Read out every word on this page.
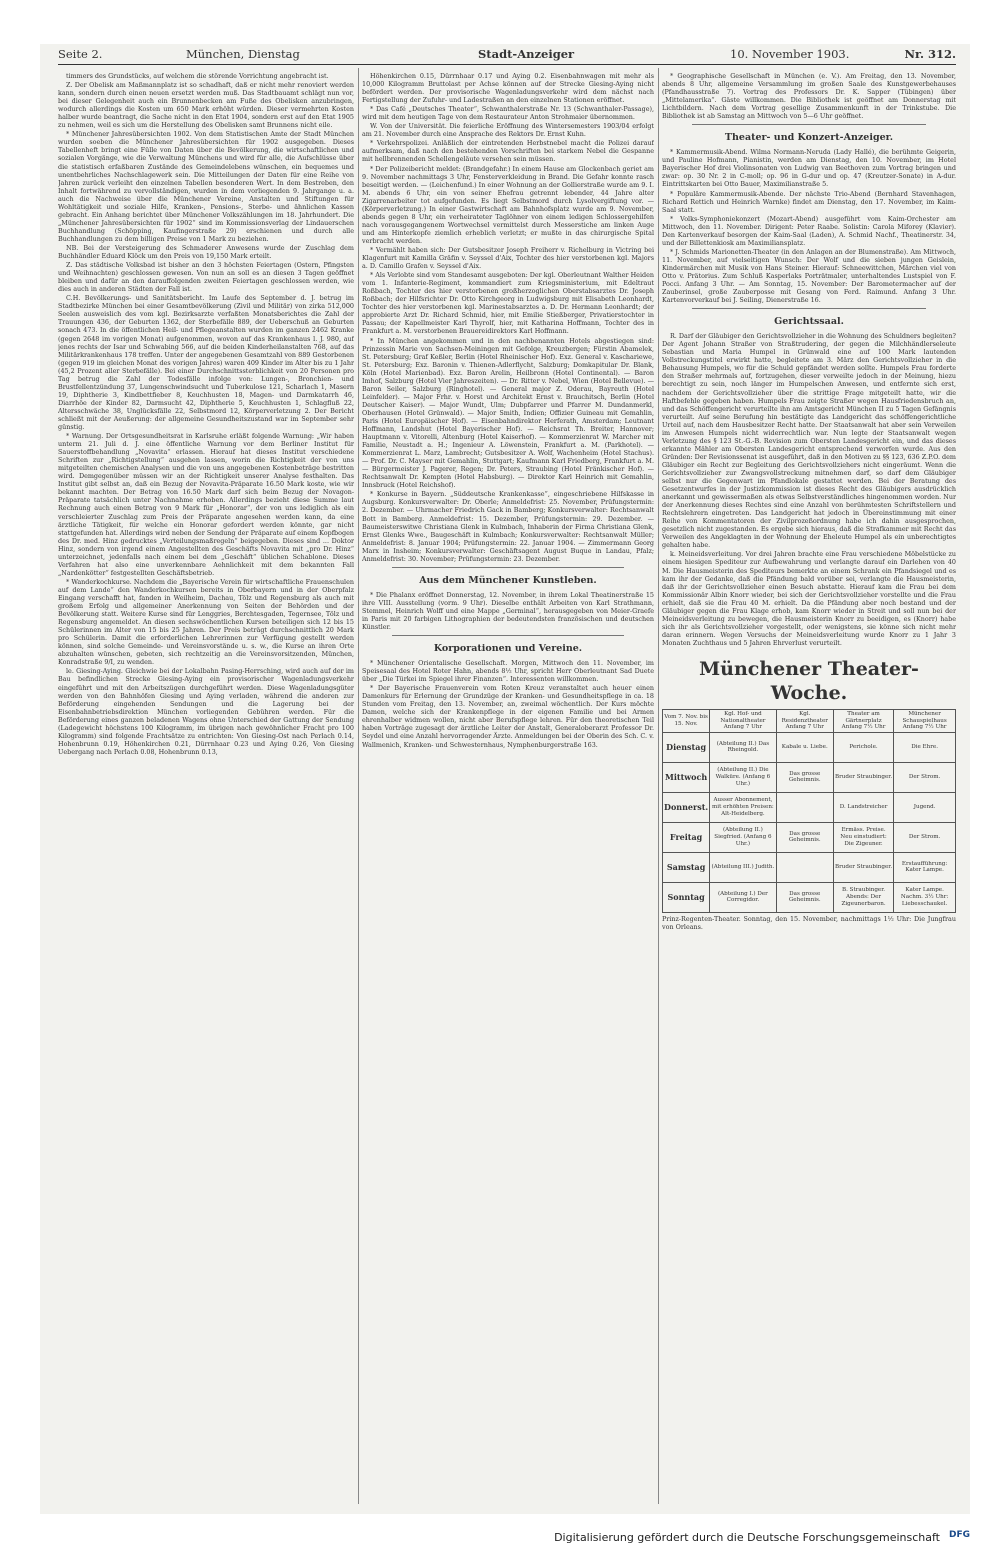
Seite 2.	München, Dienstag	Stadt-Anzeiger	10. November 1903.	Nr. 312.

timmers des Grundstücks, auf welchem die störende Vorrichtung angebracht ist.

Z. Der Obelisk am Maßmannplatz ist so schadhaft, daß er nicht mehr renoviert werden kann, sondern durch einen neuen ersetzt werden muß. Das Stadtbauamt schlägt nun vor, bei dieser Gelegenheit auch ein Brunnenbecken am Fuße des Obelisken anzubringen, wodurch allerdings die Kosten um 650 Mark erhöht würden. Dieser vermehrten Kosten halber wurde beantragt, die Sache nicht in den Etat 1904, sondern erst auf den Etat 1905 zu nehmen, weil es sich um die Herstellung des Obelisken samt Brunnens nicht eile.

* Münchener Jahresübersichten 1902. Von dem Statistischen Amte der Stadt München wurden soeben die Münchener Jahresübersichten für 1902 ausgegeben. Dieses Tabellenheft bringt eine Fülle von Daten über die Bevölkerung, die wirtschaftlichen und sozialen Vorgänge, wie die Verwaltung Münchens und wird für alle, die Aufschlüsse über die statistisch erfaßbaren Zustände des Gemeindelebens wünschen, ein bequemes und unentbehrliches Nachschlagewerk sein. Die Mitteilungen der Daten für eine Reihe von Jahren zurück verleiht den einzelnen Tabellen besonderen Wert. In dem Bestreben, den Inhalt fortwährend zu vervollständigen, wurden in dem vorliegenden 9. Jahrgange u. a. auch die Nachweise über die Münchener Vereine, Anstalten und Stiftungen für Wohltätigkeit und soziale Hilfe, Kranken-, Pensions-, Sterbe- und ähnlichen Kassen gebracht. Ein Anhang berichtet über Münchener Volkszählungen im 18. Jahrhundert. Die „Münchener Jahresübersichten für 1902“ sind im Kommissionsverlag der Lindauerschen Buchhandlung (Schöpping, Kaufingerstraße 29) erschienen und durch alle Buchhandlungen zu dem billigen Preise von 1 Mark zu beziehen.

NB. Bei der Versteigerung des Schmaderer Anwesens wurde der Zuschlag dem Buchhändler Eduard Klöck um den Preis von 19,150 Mark erteilt.

Z. Das städtische Volksbad ist bisher an den 3 höchsten Feiertagen (Ostern, Pfingsten und Weihnachten) geschlossen gewesen. Von nun an soll es an diesen 3 Tagen geöffnet bleiben und dafür an den darauffolgenden zweiten Feiertagen geschlossen werden, wie dies auch in anderen Städten der Fall ist.

C.H. Bevölkerungs- und Sanitätsbericht. Im Laufe des September d. J. betrug im Stadtbezirke München bei einer Gesamtbevölkerung (Zivil und Militär) von zirka 512,000 Seelen ausweislich des vom kgl. Bezirksarzte verfaßten Monatsberichtes die Zahl der Trauungen 436, der Geburten 1362, der Sterbefälle 889, der Ueberschuß an Geburten sonach 473. In die öffentlichen Heil- und Pflegeanstalten wurden im ganzen 2462 Kranke (gegen 2648 im vorigen Monat) aufgenommen, wovon auf das Krankenhaus l. J. 980, auf jenes rechts der Isar und Schwabing 566, auf die beiden Kinderheilanstalten 768, auf das Militärkrankenhaus 178 treffen. Unter der angegebenen Gesamtzahl von 889 Gestorbenen (gegen 919 im gleichen Monat des vorigen Jahres) waren 409 Kinder im Alter bis zu 1 Jahr (45,2 Prozent aller Sterbefälle). Bei einer Durchschnittssterblichkeit von 20 Personen pro Tag betrug die Zahl der Todesfälle infolge von: Lungen-, Bronchien- und Brustfellentzündung 37, Lungenschwindsucht und Tuberkulose 121, Scharlach 1, Masern 19, Diphtherie 3, Kindbettfieber 8, Keuchhusten 18, Magen- und Darmkatarrh 46, Diarrhöe der Kinder 82, Darmsucht 42, Diphtherie 5, Keuchhusten 1, Schlagfluß 22, Altersschwäche 38, Unglücksfälle 22, Selbstmord 12, Körperverletzung 2. Der Bericht schließt mit der Aeußerung: der allgemeine Gesundheitszustand war im September sehr günstig.

* Warnung. Der Ortsgesundheitsrat in Karlsruhe erläßt folgende Warnung: „Wir haben unterm 21. Juli d. J. eine öffentliche Warnung vor dem Berliner Institut für Sauerstoffbehandlung „Novavita“ erlassen. Hierauf hat dieses Institut verschiedene Schriften zur „Richtigstellung“ ausgehen lassen, worin die Richtigkeit der von uns mitgeteilten chemischen Analysen und die von uns angegebenen Kostenbeträge bestritten wird. Demgegenüber müssen wir an der Richtigkeit unserer Analyse festhalten. Das Institut gibt selbst an, daß ein Bezug der Novavita-Präparate 16.50 Mark koste, wie wir bekannt machten. Der Betrag von 16.50 Mark darf sich beim Bezug der Novagon-Präparate tatsächlich unter Nachnahme erhoben. Allerdings bezieht diese Summe laut Rechnung auch einen Betrag von 9 Mark für „Honorar“, der von uns lediglich als ein verschleierter Zuschlag zum Preis der Präparate angesehen werden kann, da eine ärztliche Tätigkeit, für welche ein Honorar gefordert werden könnte, gar nicht stattgefunden hat. Allerdings wird neben der Sendung der Präparate auf einem Kopfbogen des Dr. med. Hinz gedrucktes „Verteilungsmaßregeln“ beigegeben. Dieses sind ... Doktor Hinz, sondern von irgend einem Angestellten des Geschäfts Novavita mit „pro Dr. Hinz“ unterzeichnet, jedenfalls nach einem bei dem „Geschäft“ üblichen Schablone. Dieses Verfahren hat also eine unverkennbare Aehnlichkeit mit dem bekannten Fall „Nardenkötter“ festgestellten Geschäftsbetrieb.

* Wanderkochkurse. Nachdem die „Bayerische Verein für wirtschaftliche Frauenschulen auf dem Lande“ den Wanderkochkursen bereits in Oberbayern und in der Oberpfalz Eingang verschafft hat, fanden in Weilheim, Dachau, Tölz und Regensburg als auch mit großem Erfolg und allgemeiner Anerkennung von Seiten der Behörden und der Bevölkerung statt. Weitere Kurse sind für Lenggries, Berchtesgaden, Tegernsee, Tölz und Regensburg angemeldet. An diesen sechswöchentlichen Kursen beteiligen sich 12 bis 15 Schülerinnen im Alter von 15 bis 25 Jahren. Der Preis beträgt durchschnittlich 20 Mark pro Schülerin. Damit die erforderlichen Lehrerinnen zur Verfügung gestellt werden können, sind solche Gemeinde- und Vereinsvorstände u. s. w., die Kurse an ihren Orte abzuhalten wünschen, gebeten, sich rechtzeitig an die Vereinsvorsitzenden, München, Konradstraße 9/I, zu wenden.

le. Giesing-Aying. Gleichwie bei der Lokalbahn Pasing-Herrsching, wird auch auf der im Bau befindlichen Strecke Giesing-Aying ein provisorischer Wagenladungsverkehr eingeführt und mit den Arbeitszügen durchgeführt werden. Diese Wagenladungsgüter werden von den Bahnhöfen Giesing und Aying verladen, während die anderen zur Beförderung eingehenden Sendungen und die Lagerung bei der Eisenbahnbetriebsdirektion München vorliegenden Gebühren werden. Für die Beförderung eines ganzen beladenen Wagens ohne Unterschied der Gattung der Sendung (Ladegewicht höchstens 100 Kilogramm, im übrigen nach gewöhnlicher Fracht pro 100 Kilogramm) sind folgende Frachtsätze zu entrichten: Von Giesing-Ost nach Perlach 0.14, Hohenbrunn 0.19, Höhenkirchen 0.21, Dürrnhaar 0.23 und Aying 0.26, Von Giesing Uebergang nach Perlach 0.08, Hohenbrunn 0.13,

Höhenkirchen 0.15, Dürrnhaar 0.17 und Aying 0.2. Eisenbahnwagen mit mehr als 10,000 Kilogramm Bruttolast per Achse können auf der Strecke Giesing-Aying nicht befördert werden. Der provisorische Wagenladungsverkehr wird dem nächst nach Fertigstellung der Zufuhr- und Ladestraßen an den einzelnen Stationen eröffnet.

* Das Café „Deutsches Theater“, Schwanthalerstraße Nr. 13 (Schwanthaler-Passage), wird mit dem heutigen Tage von dem Restaurateur Anton Strohmaier übernommen.

W. Von der Universität. Die feierliche Eröffnung des Wintersemesters 1903/04 erfolgt am 21. November durch eine Ansprache des Rektors Dr. Ernst Kuhn.

* Verkehrspolizei. Anläßlich der eintretenden Herbstnebel macht die Polizei darauf aufmerksam, daß nach den bestehenden Vorschriften bei starkem Nebel die Gespanne mit hellbrennenden Schellengeläute versehen sein müssen.

* Der Polizeibericht meldet: (Brandgefahr.) In einem Hause am Glockenbach geriet am 9. November nachmittags 3 Uhr, Fensterverkleidung in Brand. Die Gefahr konnte rasch beseitigt werden. — (Leichenfund.) In einer Wohnung an der Gollierstraße wurde am 9. I. M. abends 6 Uhr, ein von seiner Ehefrau getrennt lebender, 44 Jahre alter Zigarrenarbeiter tot aufgefunden. Es liegt Selbstmord durch Lysolvergiftung vor. — (Körperverletzung.) In einer Gastwirtschaft am Bahnhofsplatz wurde am 9. November, abends gegen 8 Uhr, ein verheirateter Taglöhner von einem ledigen Schlossergehilfen nach vorausgegangenem Wortwechsel vermittelst durch Messerstiche am linken Auge und am Hinterkopfe ziemlich erheblich verletzt; er mußte in das chirurgische Spital verbracht werden.

* Vermählt haben sich: Der Gutsbesitzer Joseph Freiherr v. Richelburg in Victring bei Klagenfurt mit Kamilla Gräfin v. Seyssel d'Aix, Tochter des hier verstorbenen kgl. Majors a. D. Camillo Grafen v. Seyssel d'Aix.

* Als Verlobte sind vom Standesamt ausgeboten: Der kgl. Oberleutnant Walther Heiden vom 1. Infanterie-Regiment, kommandiert zum Kriegsministerium, mit Edeltraut Roßbach, Tochter des hier verstorbenen großherzoglichen Oberstabsarztes Dr. Joseph Roßbach; der Hilfsrichter Dr. Otto Kirchgeorg in Ludwigsburg mit Elisabeth Leonhardt, Tochter des hier verstorbenen kgl. Marinestabsarztes a. D. Dr. Hermann Leonhardt; der approbierte Arzt Dr. Richard Schmid, hier, mit Emilie Stießberger, Privatierstochter in Passau; der Kapellmeister Karl Thyrolf, hier, mit Katharina Hoffmann, Tochter des in Frankfurt a. M. verstorbenen Brauereidirektors Karl Hoffmann.

* In München angekommen und in den nachbenannten Hotels abgestiegen sind: Prinzessin Marie von Sachsen-Meiningen mit Gefolge, Kreuzbergen; Fürstin Abamelek, St. Petersburg; Graf Keßler, Berlin (Hotel Rheinischer Hof). Exz. General v. Kaschariewe, St. Petersburg; Exz. Baronin v. Thienen-Adlerflycht, Salzburg; Domkapitular Dr. Blank, Köln (Hotel Marienbad). Exz. Baron Arelin, Heilbronn (Hotel Continental). — Baron Imhof, Salzburg (Hotel Vier Jahreszeiten). — Dr. Ritter v. Nebel, Wien (Hotel Bellevue). — Baron Seiler, Salzburg (Ringhotel). — General major Z. Oderau, Bayreuth (Hotel Leinfelder). — Major Frhr. v. Horst und Architekt Ernst v. Brauchitsch, Berlin (Hotel Deutscher Kaiser). — Major Wundt, Ulm; Dubpfarrer und Pfarrer M. Dundanmerkl, Oberhausen (Hotel Grünwald). — Major Smith, Indien; Offizier Guineau mit Gemahlin, Paris (Hotel Europäischer Hof). — Eisenbahndirektor Herferath, Amsterdam; Leutnant Hoffmann, Landshut (Hotel Bayerischer Hof). — Reichsrat Th. Breiter, Hannover; Hauptmann v. Vitorelli, Altenburg (Hotel Kaiserhof). — Kommerzienrat W. Marcher mit Familie, Neustadt a. H.; Ingenieur A. Löwenstein, Frankfurt a. M. (Parkhotel). — Kommerzienrat L. Marz, Lambrecht; Gutsbesitzer A. Wolf, Wachenheim (Hotel Stachus). — Prof. Dr. C. Mayser mit Gemahlin, Stuttgart; Kaufmann Karl Friedberg, Frankfurt a. M. — Bürgermeister J. Pagerer, Regen; Dr. Peters, Straubing (Hotel Fränkischer Hof). — Rechtsanwalt Dr. Kempten (Hotel Habsburg). — Direktor Karl Heinrich mit Gemahlin, Innsbruck (Hotel Reichshof).

* Konkurse in Bayern. „Süddeutsche Krankenkasse“, eingeschriebene Hilfskasse in Augsburg. Konkursverwalter: Dr. Oberle; Anmeldefrist: 25. November, Prüfungstermin: 2. Dezember. — Uhrmacher Friedrich Gack in Bamberg; Konkursverwalter: Rechtsanwalt Bott in Bamberg. Anmeldefrist: 15. Dezember, Prüfungstermin: 29. Dezember. — Baumeisterswitwe Christiana Glenk in Kulmbach, Inhaberin der Firma Christiana Glenk, Ernst Glenks Wwe., Baugeschäft in Kulmbach; Konkursverwalter: Rechtsanwalt Müller; Anmeldefrist: 8. Januar 1904; Prüfungstermin: 22. Januar 1904. — Zimmermann Georg Marx in Insheim; Konkursverwalter: Geschäftsagent August Buque in Landau, Pfalz; Anmeldefrist: 30. November; Prüfungstermin: 23. Dezember.

Aus dem Münchener Kunstleben.

* Die Phalanx eröffnet Donnerstag, 12. November, in ihrem Lokal Theatinerstraße 15 ihre VIII. Ausstellung (vorm. 9 Uhr). Dieselbe enthält Arbeiten von Karl Strathmann, Stemmel, Heinrich Wolff und eine Mappe „Germinal“, herausgegeben von Meier-Graefe in Paris mit 20 farbigen Lithographien der bedeutendsten französischen und deutschen Künstler.

Korporationen und Vereine.

* Münchener Orientalische Gesellschaft. Morgen, Mittwoch den 11. November, im Speisesaal des Hotel Roter Hahn, abends 8½ Uhr, spricht Herr Oberleutnant Sad Duete über „Die Türkei im Spiegel ihrer Finanzen“. Interessenten willkommen.

* Der Bayerische Frauenverein vom Roten Kreuz veranstaltet auch heuer einen Damenkurs für Erlernung der Grundzüge der Kranken- und Gesundheitspflege in ca. 18 Stunden vom Freitag, den 13. November, an, zweimal wöchentlich. Der Kurs möchte Damen, welche sich der Krankenpflege in der eigenen Familie und bei Armen ehrenhalber widmen wollen, nicht aber Berufspflege lehren. Für den theoretischen Teil haben Vorträge zugesagt der ärztliche Leiter der Anstalt, Generaloberarzt Professor Dr. Seydel und eine Anzahl hervorragender Ärzte. Anmeldungen bei der Oberin des Sch. C. v. Wallmenich, Kranken- und Schwesternhaus, Nymphenburgerstraße 163.

* Geographische Gesellschaft in München (e. V.). Am Freitag, den 13. November, abends 8 Uhr, allgemeine Versammlung im großen Saale des Kunstgewerbehauses (Pfandhausstraße 7). Vortrag des Professors Dr. K. Sapper (Tübingen) über „Mittelamerika“. Gäste willkommen. Die Bibliothek ist geöffnet am Donnerstag mit Lichtbildern. Nach dem Vortrag gesellige Zusammenkunft in der Trinkstube. Die Bibliothek ist ab Samstag an Mittwoch von 5—6 Uhr geöffnet.

Theater- und Konzert-Anzeiger.

* Kammermusik-Abend. Wilma Normann-Neruda (Lady Hallé), die berühmte Geigerin, und Pauline Hofmann, Pianistin, werden am Dienstag, den 10. November, im Hotel Bayerischer Hof drei Violinsonaten von Ludwig van Beethoven zum Vortrag bringen und zwar: op. 30 Nr. 2 in C-moll; op. 96 in G-dur und op. 47 (Kreutzer-Sonate) in A-dur. Eintrittskarten bei Otto Bauer, Maximilianstraße 5.

* Populäre Kammermusik-Abende. Der nächste Trio-Abend (Bernhard Stavenhagen, Richard Rettich und Heinrich Warnke) findet am Dienstag, den 17. November, im Kaim-Saal statt.

* Volks-Symphoniekonzert (Mozart-Abend) ausgeführt vom Kaim-Orchester am Mittwoch, den 11. November. Dirigent: Peter Raabe. Solistin: Carola Miforey (Klavier). Den Kartenverkauf besorgen der Kaim-Saal (Laden), A. Schmid Nachf., Theatinerstr. 34, und der Billettenkiosk am Maximiliansplatz.

* J. Schmids Marionetten-Theater (in den Anlagen an der Blumenstraße). Am Mittwoch, 11. November, auf vielseitigen Wunsch: Der Wolf und die sieben jungen Geislein, Kindermärchen mit Musik von Hans Steiner. Hierauf: Schneewittchen, Märchen viel von Otto v. Prätorius. Zum Schluß Kasperlaks Porträtmaler, unterhaltendes Lustspiel von F. Pocci. Anfang 3 Uhr. — Am Sonntag, 15. November: Der Barometermacher auf der Zauberinsel, große Zauberposse mit Gesang von Ferd. Raimund. Anfang 3 Uhr. Kartenvorverkauf bei J. Seiling, Dienerstraße 16.

Gerichtssaal.

R. Darf der Gläubiger den Gerichtsvollzieher in die Wohnung des Schuldners begleiten? Der Agent Johann Straßer von Straßtrudering, der gegen die Milchhändlerseleute Sebastian und Maria Humpel in Grünwald eine auf 100 Mark lautenden Vollstreckungstitel erwirkt hatte, begleitete am 3. März den Gerichtsvollzieher in die Behausung Humpels, wo für die Schuld gepfändet werden sollte. Humpels Frau forderte den Straßer mehrmals auf, fortzugehen, dieser verweilte jedoch in der Meinung, hiezu berechtigt zu sein, noch länger im Humpelschen Anwesen, und entfernte sich erst, nachdem der Gerichtsvollzieher über die strittige Frage mitgeteilt hatte, wir die Haftbefehle gegeben haben. Humpels Frau zeigte Straßer wegen Hausfriedensbruch an, und das Schöffengericht verurteilte ihn am Amtsgericht München II zu 5 Tagen Gefängnis verurteilt. Auf seine Berufung hin bestätigte das Landgericht das schöffengerichtliche Urteil auf, nach dem Hausbesitzer Recht hatte. Der Staatsanwalt hat aber sein Verweilen im Anwesen Humpels nicht widerrechtlich war. Nun legte der Staatsanwalt wegen Verletzung des § 123 St.-G.-B. Revision zum Obersten Landesgericht ein, und das dieses erkannte Mähler am Obersten Landesgericht entsprechend verworfen wurde. Aus den Gründen: Der Revisionssenat ist ausgeführt, daß in den Motiven zu §§ 123, 636 Z.P.O. dem Gläubiger ein Recht zur Begleitung des Gerichtsvollziehers nicht eingeräumt. Wenn die Gerichtsvollzieher zur Zwangsvollstreckung mitnehmen darf, so darf dem Gläubiger selbst nur die Gegenwart im Pfandlokale gestattet werden. Bei der Beratung des Gesetzentwurfes in der Justizkommission ist dieses Recht des Gläubigers ausdrücklich anerkannt und gewissermaßen als etwas Selbstverständliches hingenommen worden. Nur der Anerkennung dieses Rechtes sind eine Anzahl von berühmtesten Schriftstellern und Rechtslehrern eingetreten. Das Landgericht hat jedoch in Übereinstimmung mit einer Reihe von Kommentatoren der Zivilprozeßordnung habe ich dahin ausgesprochen, gesetzlich nicht zugestanden. Es ergebe sich hieraus, daß die Strafkammer mit Recht das Verweilen des Angeklagten in der Wohnung der Eheleute Humpel als ein unberechtigtes gehalten habe.

k. Meineidsverleitung. Vor drei Jahren brachte eine Frau verschiedene Möbelstücke zu einem hiesigen Spediteur zur Aufbewahrung und verlangte darauf ein Darlehen von 40 M. Die Hausmeisterin des Spediteurs bemerkte an einem Schrank ein Pfandsiegel und es kam ihr der Gedanke, daß die Pfändung bald vorüber sei, verlangte die Hausmeisterin, daß ihr der Gerichtsvollzieher einen Besuch abstatte. Hierauf kam die Frau bei dem Kommissionär Albin Knorr wieder, bei sich der Gerichtsvollzieher vorstellte und die Frau erhielt, daß sie die Frau 40 M. erhielt. Da die Pfändung aber noch bestand und der Gläubiger gegen die Frau Klage erhob, kam Knorr wieder in Streit und soll nun bei der Meineidsverleitung zu bewegen, die Hausmeisterin Knorr zu beeidigen, es (Knorr) habe sich ihr als Gerichtsvollzieher vorgestellt, oder wenigstens, sie könne sich nicht mehr daran erinnern. Wegen Versuchs der Meineidsverleitung wurde Knorr zu 1 Jahr 3 Monaten Zuchthaus und 5 Jahren Ehrverlust verurteilt.

Münchener Theater-Woche.
Vom 7. Nov. bis 15. Nov.	Kgl. Hof- und Nationaltheater Anfang 7 Uhr	Kgl. Residenztheater Anfang 7 Uhr	Theater am Gärtnerplatz Anfang 7½ Uhr	Münchener Schauspielhaus Anfang 7½ Uhr
Dienstag	(Abteilung II.) Das Rheingold.	Kabale u. Liebe.	Perichole.	Die Ehre.
Mittwoch	(Abteilung II.) Die Walküre. (Anfang 6 Uhr.)	Das grosse Geheimnis.	Bruder Straubinger.	Der Strom.
Donnerst.	Ausser Abonnement, mit erhöhten Preisen: Alt-Heidelberg.		D. Landstreicher	Jugend.
Freitag	(Abteilung II.) Siegfried. (Anfang 6 Uhr.)	Das grosse Geheimnis.	Ermäss. Preise. Neu einstudiert: Die Zigeuner.	Der Strom.
Samstag	(Abteilung III.) Judith.		Bruder Straubinger.	Erstaufführung: Kater Lampe.
Sonntag	(Abteilung I.) Der Corregidor.	Das grosse Geheimnis.	B. Straubinger. Abends: Der Zigeunerbaron.	Kater Lampe. Nachm. 3½ Uhr: Liebesschaukel.
Prinz-Regenten-Theater. Sonntag, den 15. November, nachmittags 1½ Uhr: Die Jungfrau von Orleans.
Digitalisierung gefördert durch die Deutsche Forschungsgemeinschaft DFG
